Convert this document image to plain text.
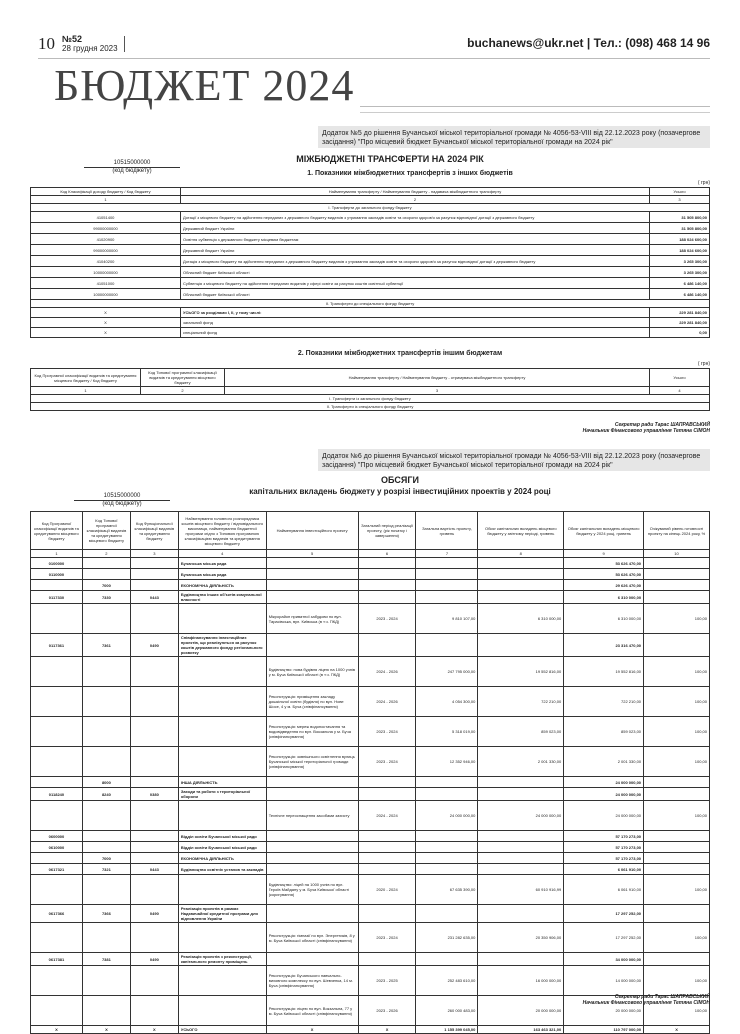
10 №52
28 грудня 2023	buchanews@ukr.net | Тел.: (098) 468 14 96
БЮДЖЕТ 2024
Додаток №5 до рішення Бучанської міської територіальної громади № 4056-53-VIII від 22.12.2023 року (позачергове засідання) "Про місцевий бюджет Бучанської міської територіальної громади на 2024 рік"
МІЖБЮДЖЕТНІ ТРАНСФЕРТИ НА 2024 РІК
10515000000
(код бюджету)	1. Показники міжбюджетних трансфертів з інших бюджетів
( грн)
Код Класифікації доходу бюджету / Код бюджету	Найменування трансферту / Найменування бюджету - надавача міжбюджетного трансферту	Усього
1	2	3
I. Трансферти до загального фонду бюджету		
41051400	Дотації з місцевого бюджету на здійснення переданих з державного бюджету видатків з утримання закладів освіти та охорони здоров'я за рахунок відповідної дотації з державного бюджету	31 505 800,00
99000000000	Державний бюджет України	31 505 800,00
41020900	Освітня субвенція з державного бюджету місцевим бюджетам	188 024 600,00
99000000000	Державний бюджет України	188 024 600,00
41040200	Дотація з місцевого бюджету на здійснення переданих з державного бюджету видатків з утримання закладів освіти та охорони здоров'я за рахунок відповідної дотації з державного бюджету	3 265 300,00
10000000000	Обласний бюджет Київської області	3 265 300,00
41051000	Субвенція з місцевого бюджету на здійснення переданих видатків у сфері освіти за рахунок коштів освітньої субвенції	6 486 140,00
10000000000	Обласний бюджет Київської області	6 486 140,00
II. Трансферти до спеціального фонду бюджету		
X	УСЬОГО за розділами I, II, у тому числі:	229 281 840,00
X	загальний фонд	229 281 840,00
X	спеціальний фонд	0,00
2. Показники міжбюджетних трансфертів іншим бюджетам
( грн)
Код Програмної класифікації видатків та кредитування місцевого бюджету / Код бюджету	Код Типової програмної класифікації видатків та кредитування місцевого бюджету	Найменування трансферту / Найменування бюджету - отримувача міжбюджетного трансферту	Усього
1	2	3	4
I. Трансферти із загального фонду бюджету			
II. Трансферти із спеціального фонду бюджету			
Секретар ради Тарас ШАПРАВСЬКИЙ
Начальник Фінансового управління Тетяна СІМОН
Додаток №6 до рішення Бучанської міської територіальної громади № 4056-53-VIII від 22.12.2023 року (позачергове засідання) "Про місцевий бюджет Бучанської міської територіальної громади на 2024 рік"
ОБСЯГИ
капітальних вкладень бюджету у розрізі інвестиційних проектів у 2024 році
10515000000
(код бюджету)
Код Програмної класифікації видатків та кредитування місцевого бюджету	Код Типової програмної класифікації видатків та кредитування місцевого бюджету	Код Функціональної класифікації видатків та кредитування бюджету	Найменування головного розпорядника коштів місцевого бюджету / відповідального виконавця, найменування бюджетної програми згідно з Типовою програмною класифікацією видатків та кредитування місцевого бюджету	Найменування інвестиційного проекту	Загальний період реалізації проекту, (рік початку і завершення)	Загальна вартість проекту, гривень	Обсяг капітальних вкладень місцевого бюджету у звітному періоді, гривень	Обсяг капітальних вкладень місцевого бюджету у 2024 році, гривень	Очікуваний рівень готовності проекту на кінець 2024 року, %
1	2	3	4	5	6	7	8	9	10
0100000			Бучанська міська рада					53 626 470,00	
0110000			Бучанська міська рада					53 626 470,00	
	7000		ЕКОНОМІЧНА ДІЯЛЬНІСТЬ					29 626 470,00	
0117330	7330	0443	Будівництво інших об'єктів комунальної власності					6 310 000,00	
				Мікрорайон приватної забудови по вул. Тарасівська, вул. Київська (в т.ч. ПКД)	2023 - 2024	9 810 107,00	6 310 000,00	6 310 000,00	100,00
0117361	7361	0490	Співфінансування інвестиційних проектів, що реалізуються за рахунок коштів державного фонду регіонального розвитку					23 316 470,00	
				Будівництво: нова будівля ліцею на 1000 учнів у м. Буча Київської області (в т.ч. ПКД)	2024 - 2026	247 795 000,00	19 552 816,00	19 552 816,00	100,00
				Реконструкція: приміщення закладу дошкільної освіти (будівля) по вул. Нове Шосе, 4 у м. Буча (співфінансування)	2024 - 2026	4 054 300,00	722 210,00	722 210,00	100,00
				Реконструкція: мереж водопостачання та водовідведення по вул. Вокзальна у м. Буча (співфінансування)	2023 - 2024	5 318 019,00	859 023,00	859 023,00	100,00
				Реконструкція: зовнішнього освітлення вулиць Бучанської міської територіальної громади (співфінансування)	2023 - 2024	12 352 946,00	2 001 330,00	2 001 330,00	100,00
	8000		ІНША ДІЯЛЬНІСТЬ					24 000 000,00	
0118240	8240	0380	Заходи та роботи з територіальної оборони					24 000 000,00	
				Технічне переоснащення засобами захисту	2024 - 2024	24 000 000,00	24 000 000,00	24 000 000,00	100,00
0600000			Відділ освіти Бучанської міської ради					57 170 273,00	
0610000			Відділ освіти Бучанської міської ради					57 170 273,00	
	7000		ЕКОНОМІЧНА ДІЯЛЬНІСТЬ					57 170 273,00	
0617321	7321	0443	Будівництво освітніх установ та закладів					6 061 910,00	
				Будівництво: ліцей на 1000 учнів по вул. Героїв Майдану у м. Буча Київської області (коригування)	2020 - 2024	67 635 390,00	60 910 916,99	6 061 910,00	100,00
0617366	7366	0490	Реалізація проектів в рамках Надзвичайної кредитної програми для відновлення України					17 297 252,00	
				Реконструкція: гімназії по вул. Энергетиків, 8 у м. Буча Київської області (співфінансування)	2023 - 2024	231 282 635,00	20 350 906,00	17 297 252,00	100,00
0617381	7381	0490	Реалізація проектів з реконструкції, капітального ремонту приміщень					34 000 000,00	
				Реконструкція: Бучанського навчально-виховного комплексу по вул. Шевченка, 14 м. Буча (співфінансування)	2023 - 2025	252 483 610,00	16 000 000,00	14 000 000,00	100,00
				Реконструкція: ліцею по вул. Вокзальна, 77 у м. Буча Київської області (співфінансування)	2023 - 2026	260 000 483,00	20 000 000,00	20 000 000,00	100,00
X	X	X	УСЬОГО	X	X	1 155 399 045,00	163 463 321,00	110 797 000,00	X
Секретар ради Тарас ШАПРАВСЬКИЙ
Начальник Фінансового управління Тетяна СІМОН
